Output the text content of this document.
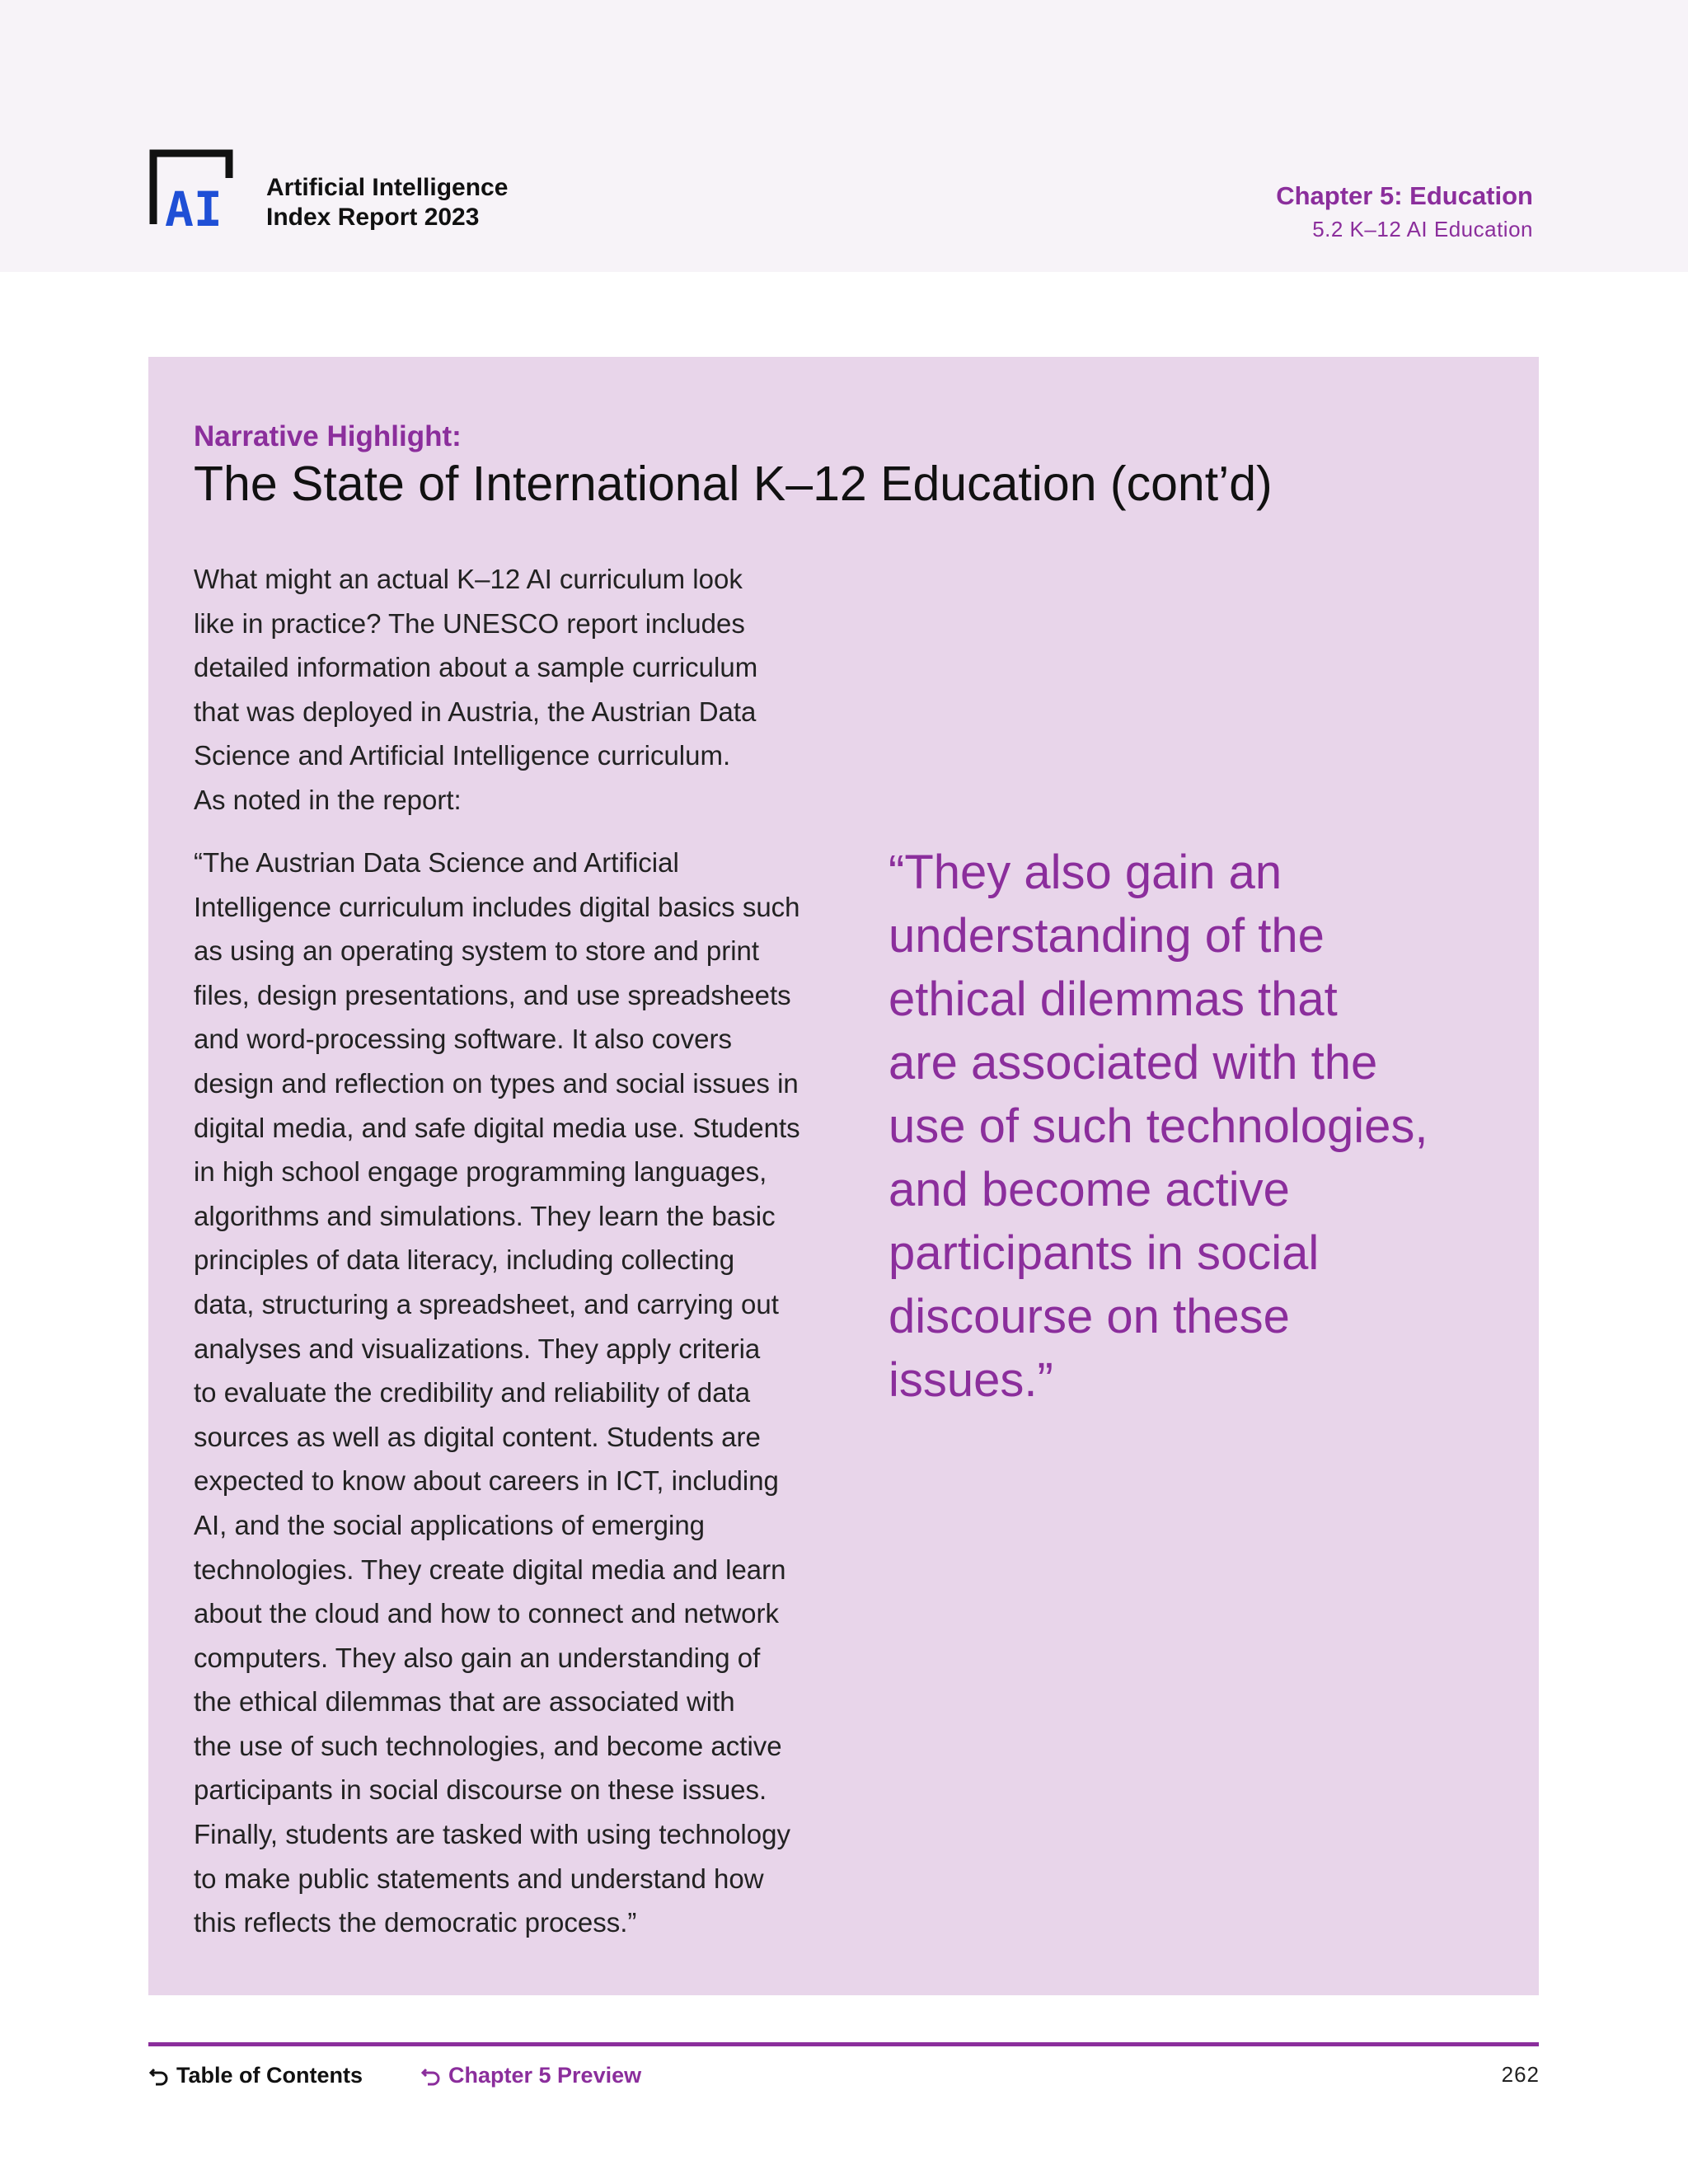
AI Artificial Intelligence
Index Report 2023
Chapter 5: Education
5.2 K–12 AI Education
Narrative Highlight:
The State of International K–12 Education (cont’d)
What might an actual K–12 AI curriculum look
like in practice? The UNESCO report includes
detailed information about a sample curriculum
that was deployed in Austria, the Austrian Data
Science and Artificial Intelligence curriculum.
As noted in the report:
“The Austrian Data Science and Artificial
Intelligence curriculum includes digital basics such
as using an operating system to store and print
files, design presentations, and use spreadsheets
and word-processing software. It also covers
design and reflection on types and social issues in
digital media, and safe digital media use. Students
in high school engage programming languages,
algorithms and simulations. They learn the basic
principles of data literacy, including collecting
data, structuring a spreadsheet, and carrying out
analyses and visualizations. They apply criteria
to evaluate the credibility and reliability of data
sources as well as digital content. Students are
expected to know about careers in ICT, including
AI, and the social applications of emerging
technologies. They create digital media and learn
about the cloud and how to connect and network
computers. They also gain an understanding of
the ethical dilemmas that are associated with
the use of such technologies, and become active
participants in social discourse on these issues.
Finally, students are tasked with using technology
to make public statements and understand how
this reflects the democratic process.”
“They also gain an
understanding of the
ethical dilemmas that
are associated with the
use of such technologies,
and become active
participants in social
discourse on these
issues.”
Table of Contents	Chapter 5 Preview	262
